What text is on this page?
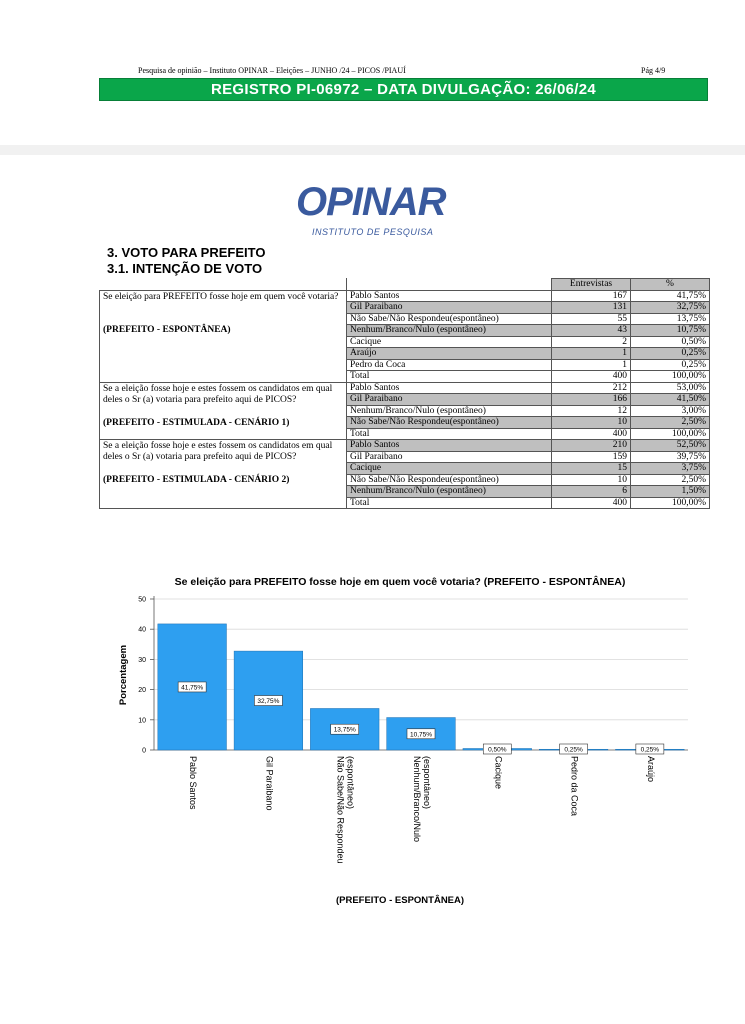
Pesquisa de opinião – Instituto OPINAR – Eleições – JUNHO /24 – PICOS /PIAUÍ	Pág 4/9
REGISTRO PI-06972 – DATA DIVULGAÇÃO: 26/06/24
OPINAR
INSTITUTO DE PESQUISA
3. VOTO PARA PREFEITO
3.1. INTENÇÃO DE VOTO
		Entrevistas	%
Se eleição para PREFEITO fosse hoje em quem você votaria?
(PREFEITO - ESPONTÂNEA)	Pablo Santos	167	41,75%
	Gil Paraibano	131	32,75%
	Não Sabe/Não Respondeu(espontâneo)	55	13,75%
	Nenhum/Branco/Nulo (espontâneo)	43	10,75%
	Cacique	2	0,50%
	Araújo	1	0,25%
	Pedro da Coca	1	0,25%
	Total	400	100,00%
Se a eleição fosse hoje e estes fossem os candidatos em qual deles o Sr (a) votaria para prefeito aqui de PICOS?
(PREFEITO - ESTIMULADA - CENÁRIO 1)	Pablo Santos	212	53,00%
	Gil Paraibano	166	41,50%
	Nenhum/Branco/Nulo (espontâneo)	12	3,00%
	Não Sabe/Não Respondeu(espontâneo)	10	2,50%
	Total	400	100,00%
Se a eleição fosse hoje e estes fossem os candidatos em qual deles o Sr (a) votaria para prefeito aqui de PICOS?
(PREFEITO - ESTIMULADA - CENÁRIO 2)	Pablo Santos	210	52,50%
	Gil Paraibano	159	39,75%
	Cacique	15	3,75%
	Não Sabe/Não Respondeu(espontâneo)	10	2,50%
	Nenhum/Branco/Nulo (espontâneo)	6	1,50%
	Total	400	100,00%
Se eleição para PREFEITO fosse hoje em quem você votaria? (PREFEITO - ESPONTÂNEA)
0
10
20
30
40
50
Porcentagem	41,75%
Pablo Santos
32,75%
Gil Paraibano
13,75%
Não Sabe/Não Respondeu (espontâneo)
10,75%
Nenhum/Branco/Nulo (espontâneo)
0,50%
Cacique
0,25%
Pedro da Coca
0,25%
Araújo
(PREFEITO - ESPONTÂNEA)
